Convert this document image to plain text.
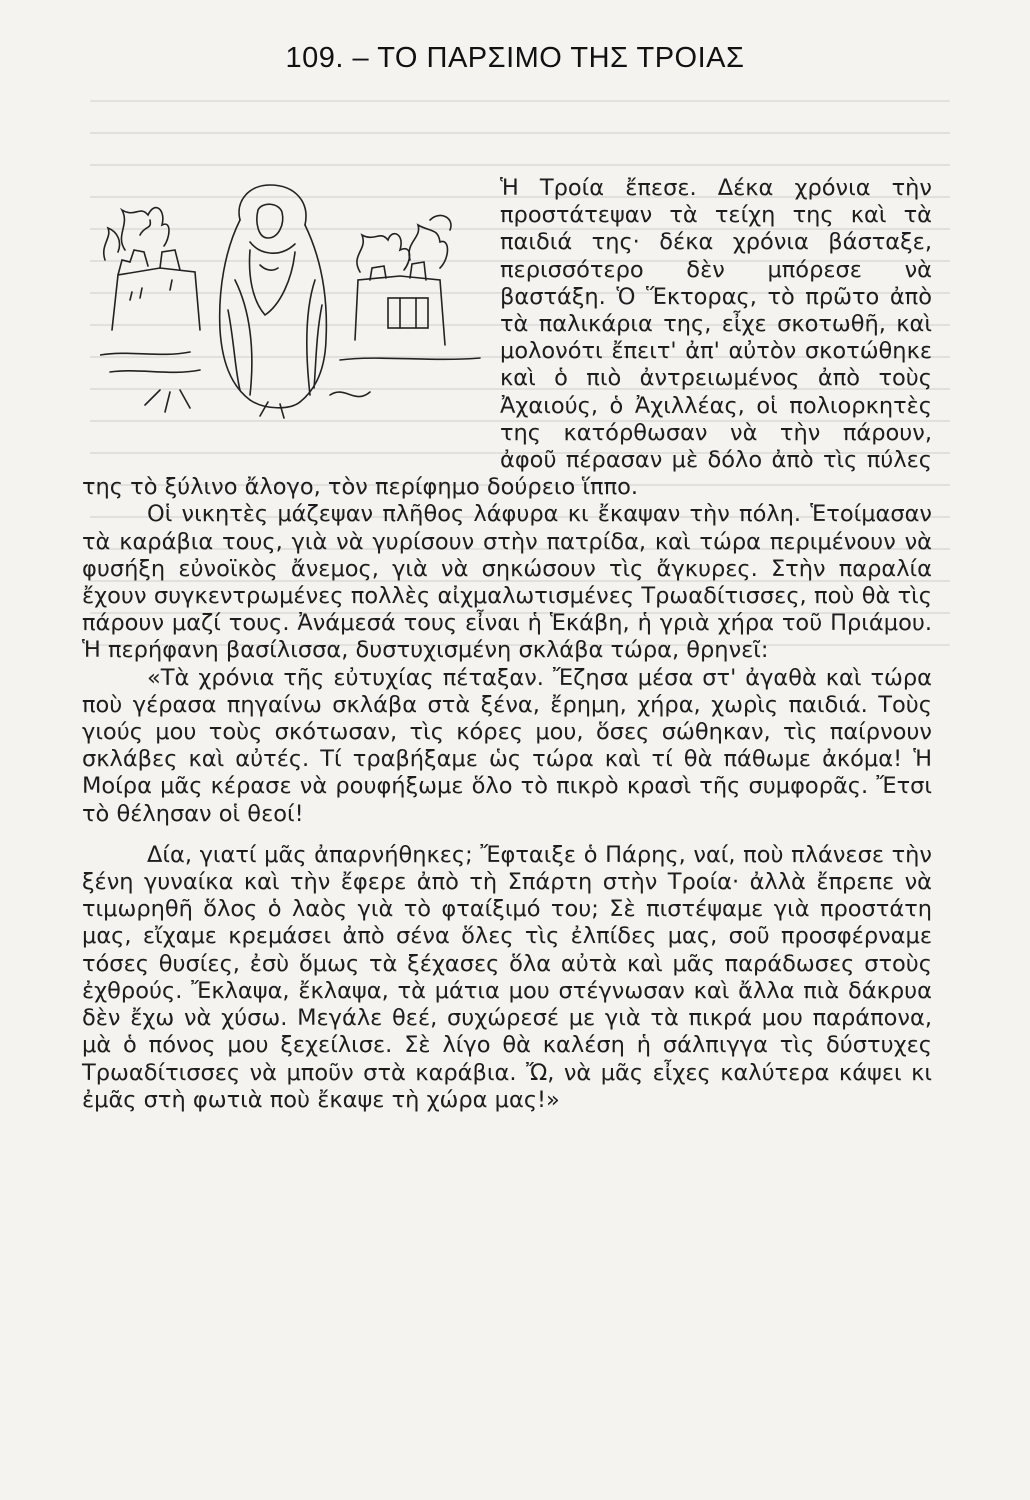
109. – ΤΟ ΠΑΡΣΙΜΟ ΤΗΣ ΤΡΟΙΑΣ

Ἡ Τροία ἔπεσε. Δέκα χρόνια τὴν προστάτεψαν τὰ τείχη της καὶ τὰ παιδιά της· δέκα χρόνια βάσταξε, περισσότερο δὲν μπόρεσε νὰ βαστάξη. Ὁ Ἕκτορας, τὸ πρῶτο ἀπὸ τὰ παλικάρια της, εἶχε σκοτωθῆ, καὶ μολονότι ἔπειτ' ἀπ' αὐτὸν σκοτώθηκε καὶ ὁ πιὸ ἀντρειωμένος ἀπὸ τοὺς Ἀχαιούς, ὁ Ἀχιλλέας, οἱ πολιορκητὲς της κατόρθωσαν νὰ τὴν πάρουν, ἀφοῦ πέρασαν μὲ δόλο ἀπὸ τὶς πύλες της τὸ ξύλινο ἄλογο, τὸν περίφημο δούρειο ἵππο.

Οἱ νικητὲς μάζεψαν πλῆθος λάφυρα κι ἔκαψαν τὴν πόλη. Ἑτοίμασαν τὰ καράβια τους, γιὰ νὰ γυρίσουν στὴν πατρίδα, καὶ τώρα περιμένουν νὰ φυσήξη εὐνοϊκὸς ἄνεμος, γιὰ νὰ σηκώσουν τὶς ἄγκυρες. Στὴν παραλία ἔχουν συγκεντρωμένες πολλὲς αἰχμαλωτισμένες Τρωαδίτισσες, ποὺ θὰ τὶς πάρουν μαζί τους. Ἀνάμεσά τους εἶναι ἡ Ἑκάβη, ἡ γριὰ χήρα τοῦ Πριάμου. Ἡ περήφανη βασίλισσα, δυστυχισμένη σκλάβα τώρα, θρηνεῖ:

«Τὰ χρόνια τῆς εὐτυχίας πέταξαν. Ἔζησα μέσα στ' ἀγαθὰ καὶ τώρα ποὺ γέρασα πηγαίνω σκλάβα στὰ ξένα, ἔρημη, χήρα, χωρὶς παιδιά. Τοὺς γιούς μου τοὺς σκότωσαν, τὶς κόρες μου, ὅσες σώθηκαν, τὶς παίρνουν σκλάβες καὶ αὐτές. Τί τραβήξαμε ὡς τώρα καὶ τί θὰ πάθωμε ἀκόμα! Ἡ Μοίρα μᾶς κέρασε νὰ ρουφήξωμε ὅλο τὸ πικρὸ κρασὶ τῆς συμφορᾶς. Ἔτσι τὸ θέλησαν οἱ θεοί!

Δία, γιατί μᾶς ἀπαρνήθηκες; Ἔφταιξε ὁ Πάρης, ναί, ποὺ πλάνεσε τὴν ξένη γυναίκα καὶ τὴν ἔφερε ἀπὸ τὴ Σπάρτη στὴν Τροία· ἀλλὰ ἔπρεπε νὰ τιμωρηθῆ ὅλος ὁ λαὸς γιὰ τὸ φταίξιμό του; Σὲ πιστέψαμε γιὰ προστάτη μας, εἴχαμε κρεμάσει ἀπὸ σένα ὅλες τὶς ἐλπίδες μας, σοῦ προσφέρναμε τόσες θυσίες, ἐσὺ ὅμως τὰ ξέχασες ὅλα αὐτὰ καὶ μᾶς παράδωσες στοὺς ἐχθρούς. Ἔκλαψα, ἔκλαψα, τὰ μάτια μου στέγνωσαν καὶ ἄλλα πιὰ δάκρυα δὲν ἔχω νὰ χύσω. Μεγάλε θεέ, συχώρεσέ με γιὰ τὰ πικρά μου παράπονα, μὰ ὁ πόνος μου ξεχείλισε. Σὲ λίγο θὰ καλέση ἡ σάλπιγγα τὶς δύστυχες Τρωαδίτισσες νὰ μποῦν στὰ καράβια. Ὤ, νὰ μᾶς εἶχες καλύτερα κάψει κι ἐμᾶς στὴ φωτιὰ ποὺ ἔκαψε τὴ χώρα μας!»
